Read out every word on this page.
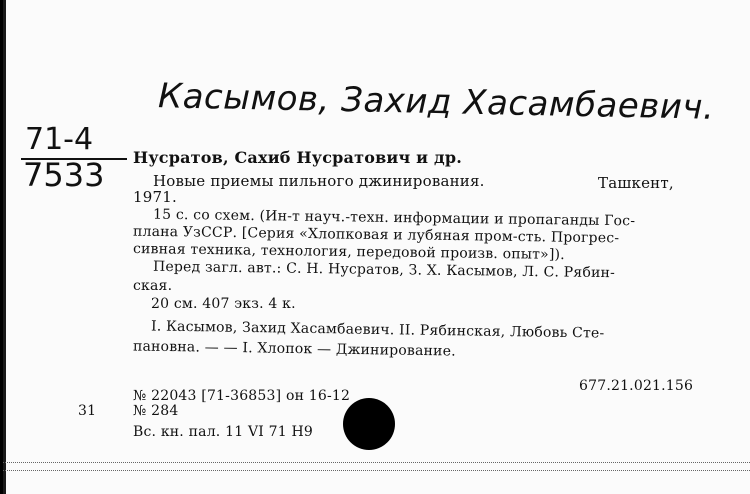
Касымов, Захид Хасамбаевич.
71-4
7533 Нусратов, Сахиб Нусратович и др.
Новые приемы пильного джинирования.	Ташкент,
1971.
15 с. со схем. (Ин-т науч.-техн. информации и пропаганды Гос-
плана УзССР. [Серия «Хлопковая и лубяная пром-сть. Прогрес-
сивная техника, технология, передовой произв. опыт»]).
Перед загл. авт.: С. Н. Нусратов, З. Х. Касымов, Л. С. Рябин-
ская.
20 см. 407 экз. 4 к.
I. Касымов, Захид Хасамбаевич. II. Рябинская, Любовь Сте-
пановна. — — I. Хлопок — Джинирование.
№ 22043 [71-36853] он 16-12
677.21.021.156
31	№ 284
Вс. кн. пал. 11 VI 71 Н9
